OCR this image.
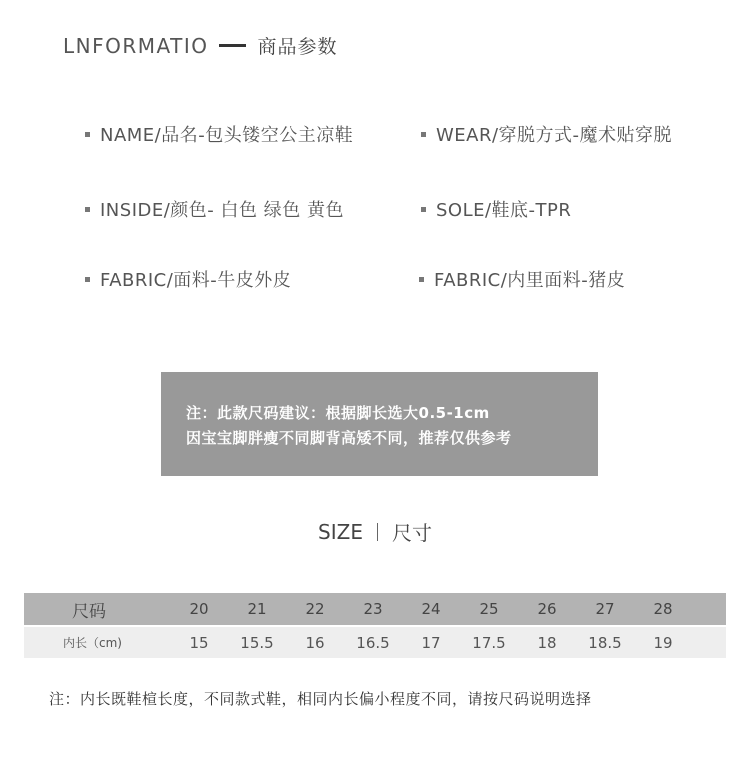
LNFORMATIO	商品参数
NAME/品名-包头镂空公主凉鞋	WEAR/穿脱方式-魔术贴穿脱
INSIDE/颜色- 白色 绿色 黄色	SOLE/鞋底-TPR
FABRIC/面料-牛皮外皮	FABRIC/内里面料-猪皮
注：此款尺码建议：根据脚长选大0.5-1cm
因宝宝脚胖瘦不同脚背高矮不同，推荐仅供参考
SIZE 尺寸
尺码	20	21	22	23	24	25	26	27	28
内长（cm)	15	15.5	16	16.5	17	17.5	18	18.5	19
注：内长既鞋楦长度，不同款式鞋，相同内长偏小程度不同，请按尺码说明选择
